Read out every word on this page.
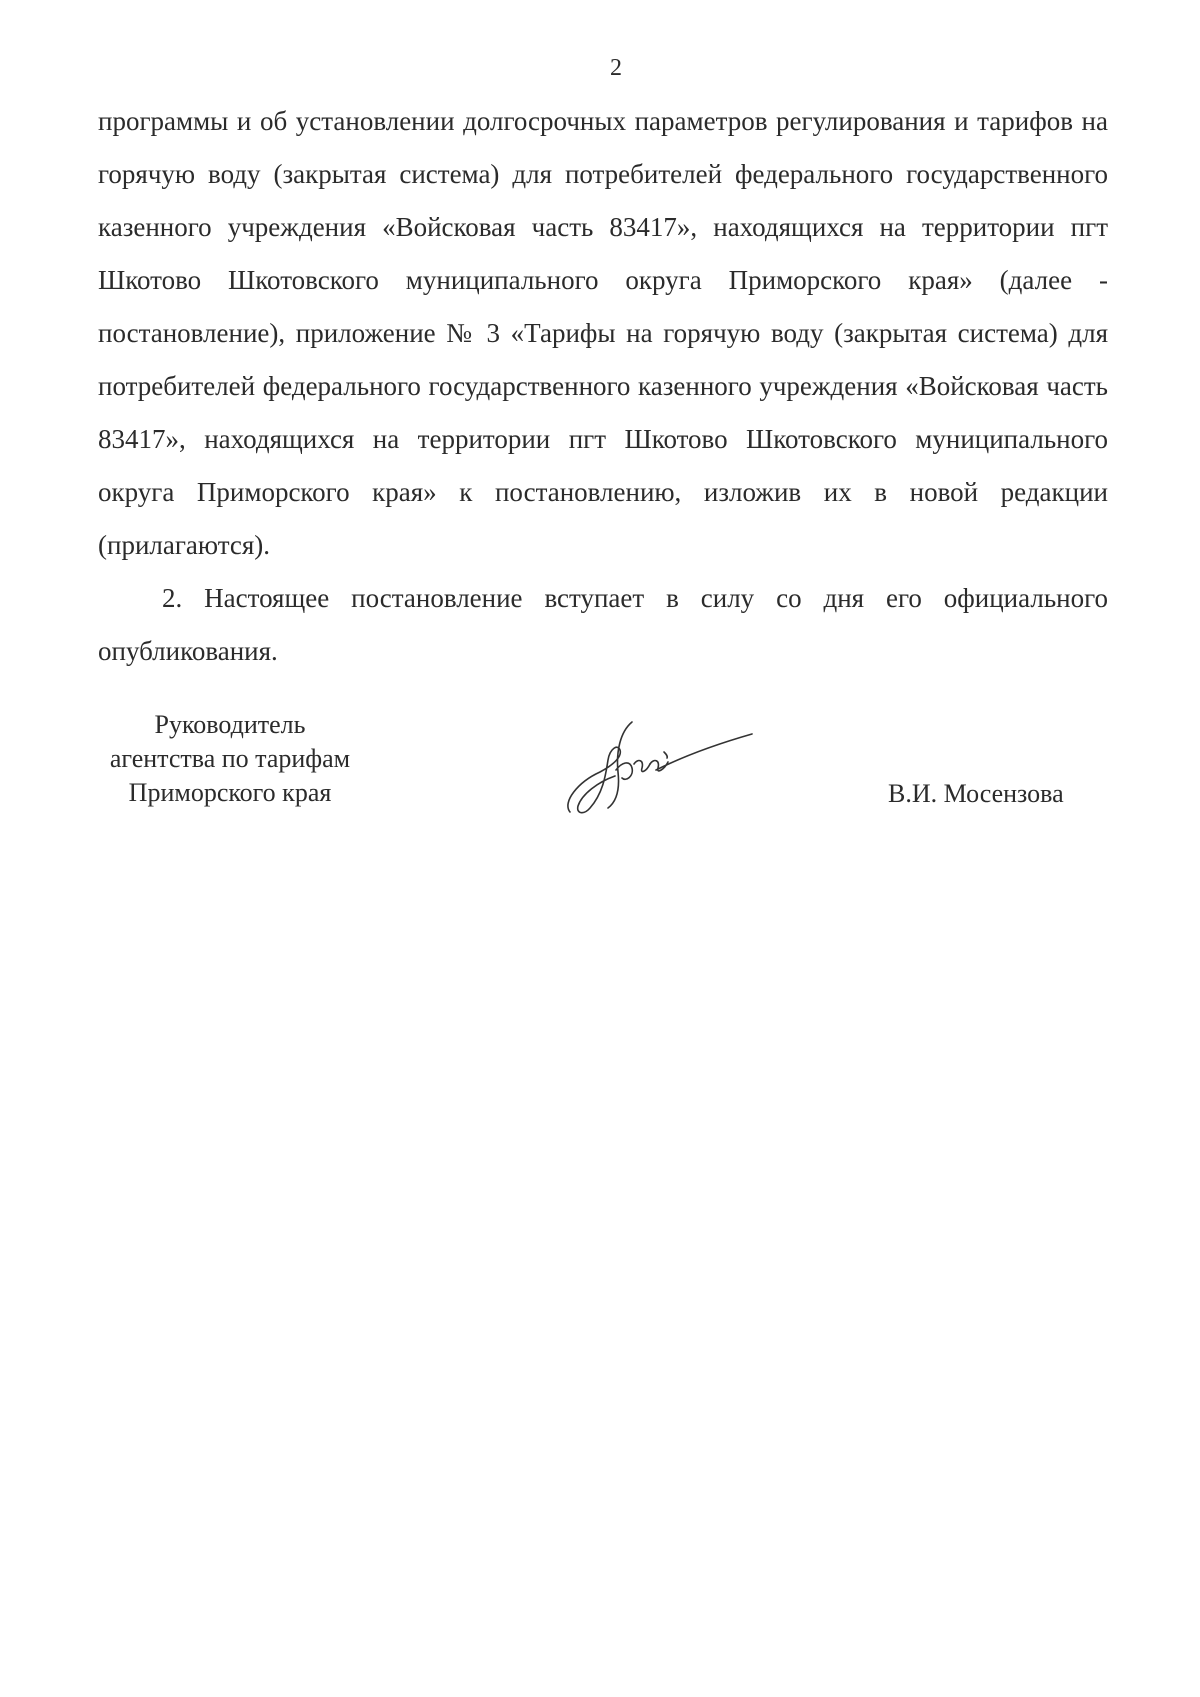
2

программы и об установлении долгосрочных параметров регулирования и тарифов на горячую воду (закрытая система) для потребителей федерального государственного казенного учреждения «Войсковая часть 83417», находящихся на территории пгт Шкотово Шкотовского муниципального округа Приморского края» (далее - постановление), приложение № 3 «Тарифы на горячую воду (закрытая система) для потребителей федерального государственного казенного учреждения «Войсковая часть 83417», находящихся на территории пгт Шкотово Шкотовского муниципального округа Приморского края» к постановлению, изложив их в новой редакции (прилагаются).

2. Настоящее постановление вступает в силу со дня его официального опубликования.

Руководитель
агентства по тарифам
Приморского края	В.И. Мосензова
